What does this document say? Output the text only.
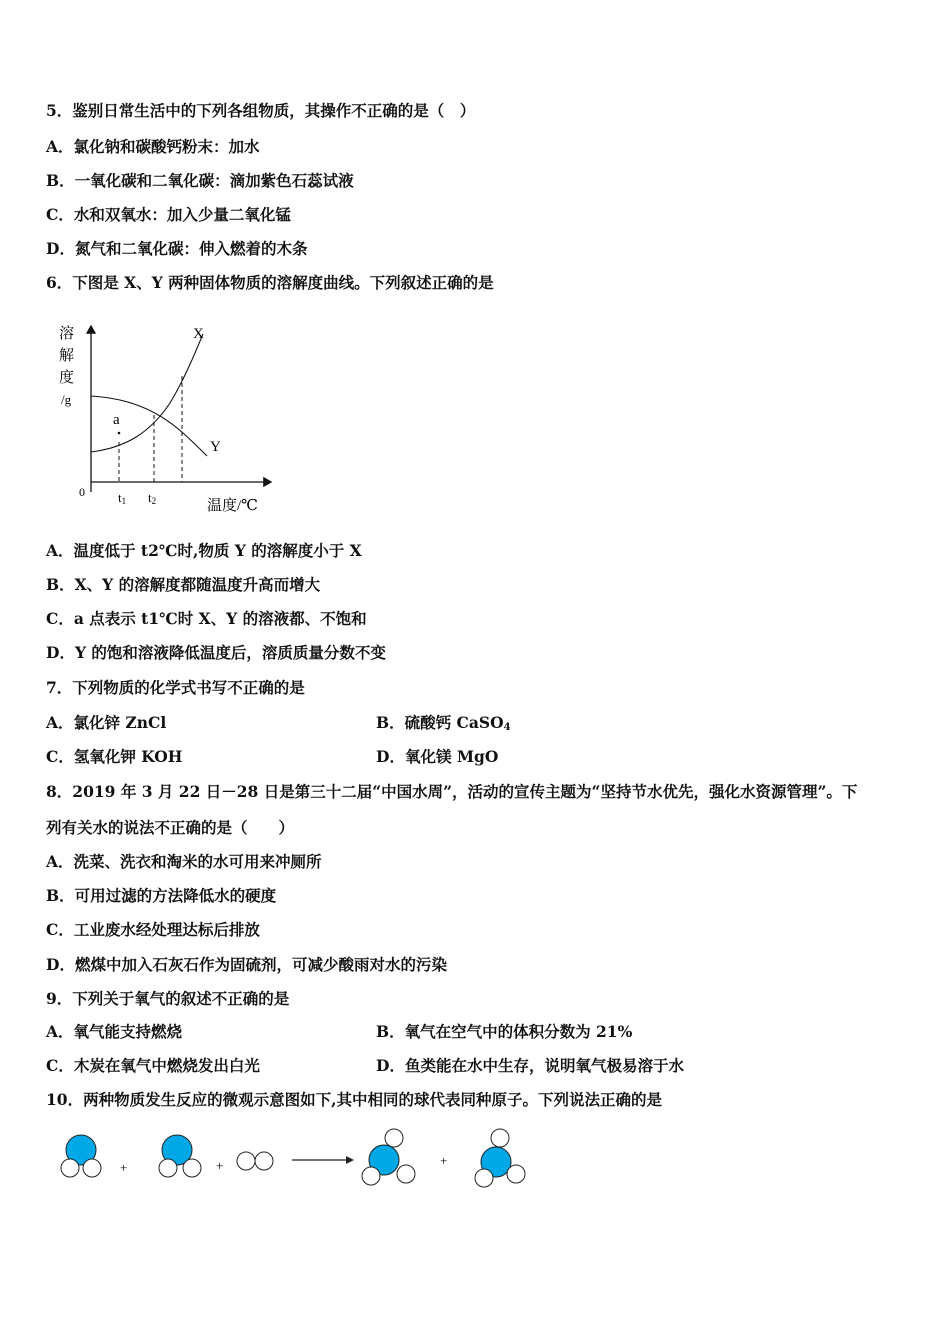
5．鉴别日常生活中的下列各组物质，其操作不正确的是（　）
A．氯化钠和碳酸钙粉末：加水
B．一氧化碳和二氧化碳：滴加紫色石蕊试液
C．水和双氧水：加入少量二氧化锰
D．氮气和二氧化碳：伸入燃着的木条
6．下图是 X、Y 两种固体物质的溶解度曲线。下列叙述正确的是
溶
解
度
/g
0	t1 t2	温度/℃
X
Y
a
A．温度低于 t2℃时,物质 Y 的溶解度小于 X
B．X、Y 的溶解度都随温度升高而增大
C．a 点表示 t1℃时 X、Y 的溶液都、不饱和
D．Y 的饱和溶液降低温度后，溶质质量分数不变
7．下列物质的化学式书写不正确的是
A．氯化锌 ZnCl	B．硫酸钙 CaSO$_4$
C．氢氧化钾 KOH	D．氧化镁 MgO
8．2019 年 3 月 22 日－28 日是第三十二届“中国水周”，活动的宣传主题为“坚持节水优先，强化水资源管理”。下
列有关水的说法不正确的是（　　）
A．洗菜、洗衣和淘米的水可用来冲厕所
B．可用过滤的方法降低水的硬度
C．工业废水经处理达标后排放
D．燃煤中加入石灰石作为固硫剂，可减少酸雨对水的污染
9．下列关于氧气的叙述不正确的是
A．氧气能支持燃烧	B．氧气在空气中的体积分数为 21%
C．木炭在氧气中燃烧发出白光	D．鱼类能在水中生存，说明氧气极易溶于水
10．两种物质发生反应的微观示意图如下,其中相同的球代表同种原子。下列说法正确的是
+	+	+
